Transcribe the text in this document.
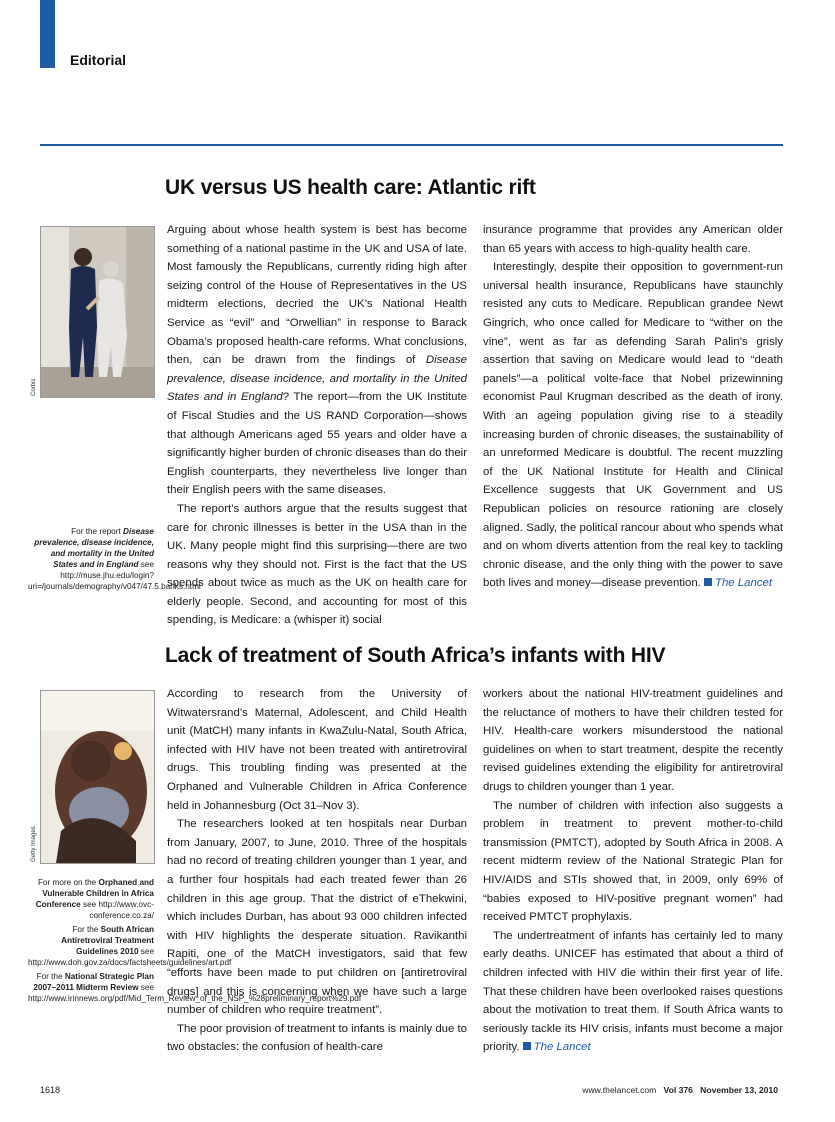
Editorial
UK versus US health care: Atlantic rift
Corbis

For the report Disease prevalence, disease incidence, and mortality in the United States and in England see http://muse.jhu.edu/login?uri=/journals/demography/v047/47.5.banks.html

Arguing about whose health system is best has become something of a national pastime in the UK and USA of late. Most famously the Republicans, currently riding high after seizing control of the House of Representatives in the US midterm elections, decried the UK’s National Health Service as “evil” and “Orwellian” in response to Barack Obama’s proposed health-care reforms. What conclusions, then, can be drawn from the findings of Disease prevalence, disease incidence, and mortality in the United States and in England? The report—from the UK Institute of Fiscal Studies and the US RAND Corporation—shows that although Americans aged 55 years and older have a significantly higher burden of chronic diseases than do their English counterparts, they nevertheless live longer than their English peers with the same diseases.

The report’s authors argue that the results suggest that care for chronic illnesses is better in the USA than in the UK. Many people might find this surprising—there are two reasons why they should not. First is the fact that the US spends about twice as much as the UK on health care for elderly people. Second, and accounting for most of this spending, is Medicare: a (whisper it) social

insurance programme that provides any American older than 65 years with access to high-quality health care.

Interestingly, despite their opposition to government-run universal health insurance, Republicans have staunchly resisted any cuts to Medicare. Republican grandee Newt Gingrich, who once called for Medicare to “wither on the vine”, went as far as defending Sarah Palin’s grisly assertion that saving on Medicare would lead to “death panels”—a political volte-face that Nobel prizewinning economist Paul Krugman described as the death of irony. With an ageing population giving rise to a steadily increasing burden of chronic diseases, the sustainability of an unreformed Medicare is doubtful. The recent muzzling of the UK National Institute for Health and Clinical Excellence suggests that UK Government and US Republican policies on resource rationing are closely aligned. Sadly, the political rancour about who spends what and on whom diverts attention from the real key to tackling chronic disease, and the only thing with the power to save both lives and money—disease prevention. The Lancet

Lack of treatment of South Africa’s infants with HIV
Getty Images

For more on the Orphaned and Vulnerable Children in Africa Conference see http://www.ovc-conference.co.za/

For the South African Antiretroviral Treatment Guidelines 2010 see http://www.doh.gov.za/docs/factsheets/guidelines/art.pdf

For the National Strategic Plan 2007–2011 Midterm Review see http://www.irinnews.org/pdf/Mid_Term_Review_of_the_NSP_%28preliminary_report%29.pdf

According to research from the University of Witwatersrand’s Maternal, Adolescent, and Child Health unit (MatCH) many infants in KwaZulu-Natal, South Africa, infected with HIV have not been treated with antiretroviral drugs. This troubling finding was presented at the Orphaned and Vulnerable Children in Africa Conference held in Johannesburg (Oct 31–Nov 3).

The researchers looked at ten hospitals near Durban from January, 2007, to June, 2010. Three of the hospitals had no record of treating children younger than 1 year, and a further four hospitals had each treated fewer than 26 children in this age group. That the district of eThekwini, which includes Durban, has about 93 000 children infected with HIV highlights the desperate situation. Ravikanthi Rapiti, one of the MatCH investigators, said that few “efforts have been made to put children on [antiretroviral drugs] and this is concerning when we have such a large number of children who require treatment”.

The poor provision of treatment to infants is mainly due to two obstacles: the confusion of health-care

workers about the national HIV-treatment guidelines and the reluctance of mothers to have their children tested for HIV. Health-care workers misunderstood the national guidelines on when to start treatment, despite the recently revised guidelines extending the eligibility for antiretroviral drugs to children younger than 1 year.

The number of children with infection also suggests a problem in treatment to prevent mother-to-child transmission (PMTCT), adopted by South Africa in 2008. A recent midterm review of the National Strategic Plan for HIV/AIDS and STIs showed that, in 2009, only 69% of “babies exposed to HIV-positive pregnant women” had received PMTCT prophylaxis.

The undertreatment of infants has certainly led to many early deaths. UNICEF has estimated that about a third of children infected with HIV die within their first year of life. That these children have been overlooked raises questions about the motivation to treat them. If South Africa wants to seriously tackle its HIV crisis, infants must become a major priority. The Lancet

1618	www.thelancet.com Vol 376 November 13, 2010
